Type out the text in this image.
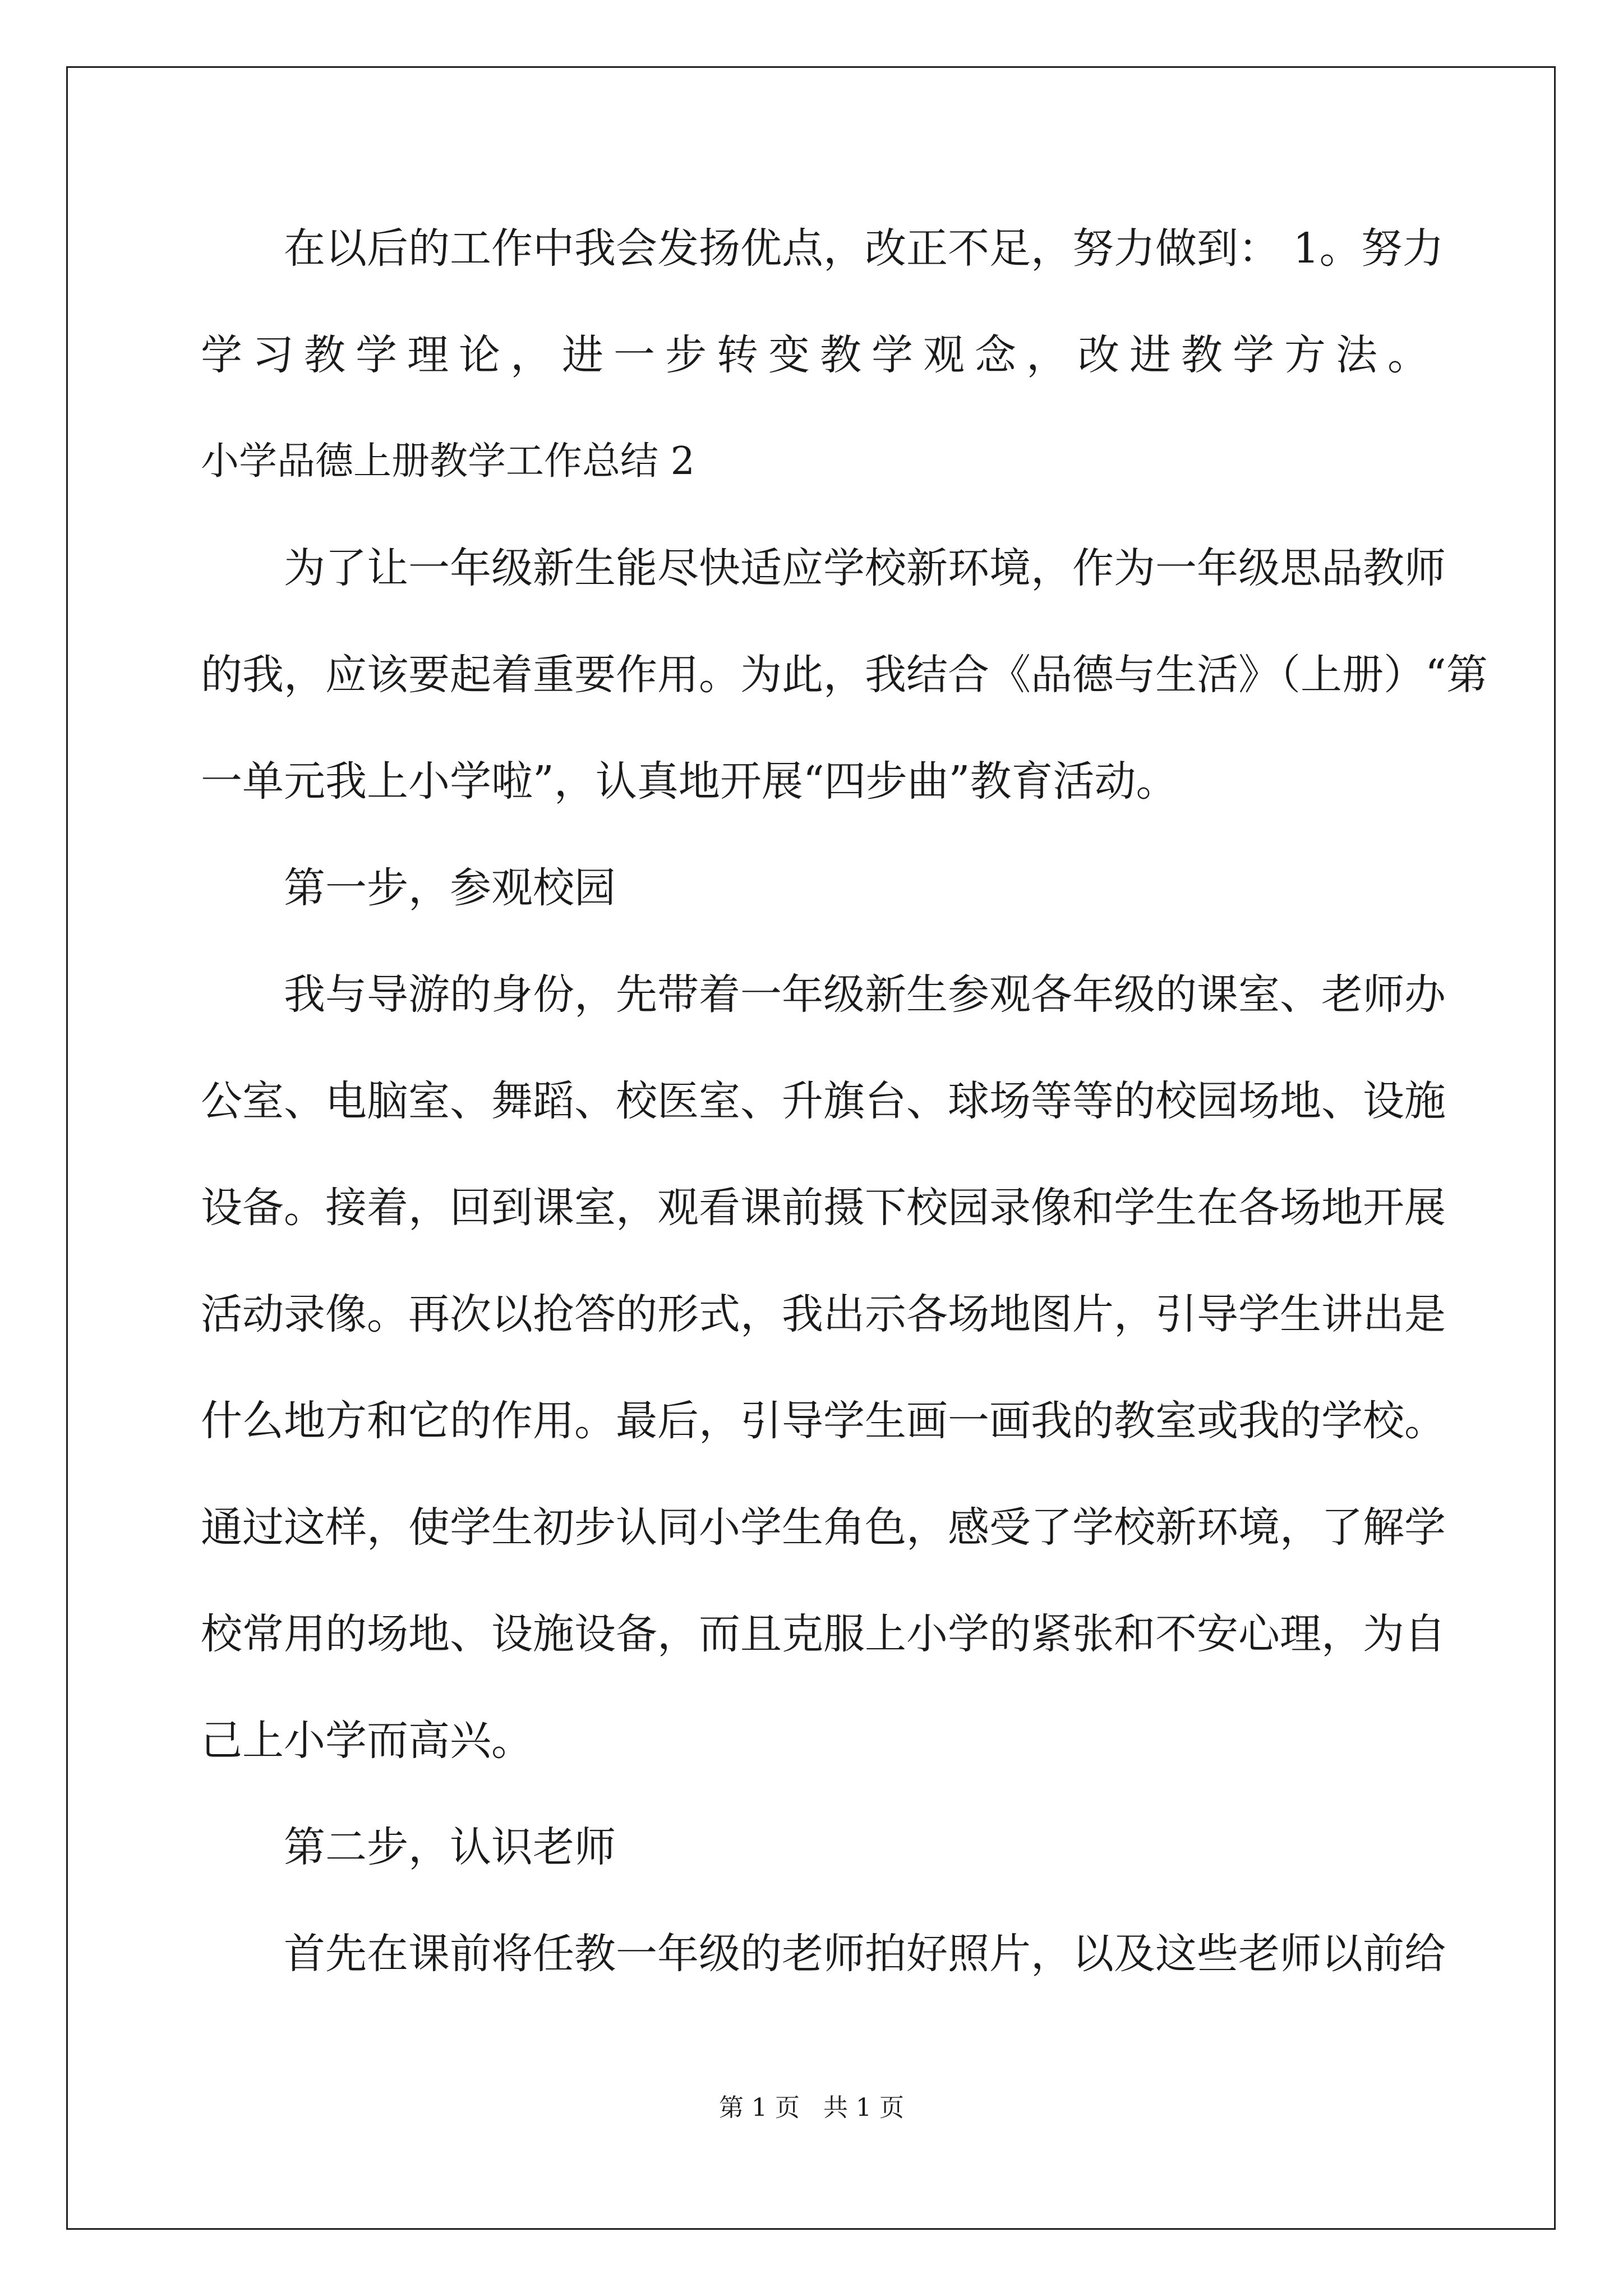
在以后的工作中我会发扬优点，改正不足，努力做到： 1。努力
学习教学理论，进一步转变教学观念，改进教学方法。
小学品德上册教学工作总结 2
为了让一年级新生能尽快适应学校新环境，作为一年级思品教师
的我，应该要起着重要作用。为此，我结合《品德与生活》（上册）“第
一单元我上小学啦”，认真地开展“四步曲”教育活动。
第一步，参观校园
我与导游的身份，先带着一年级新生参观各年级的课室、老师办
公室、电脑室、舞蹈、校医室、升旗台、球场等等的校园场地、设施
设备。接着，回到课室，观看课前摄下校园录像和学生在各场地开展
活动录像。再次以抢答的形式，我出示各场地图片，引导学生讲出是
什么地方和它的作用。最后，引导学生画一画我的教室或我的学校。
通过这样，使学生初步认同小学生角色，感受了学校新环境，了解学
校常用的场地、设施设备，而且克服上小学的紧张和不安心理，为自
己上小学而高兴。
第二步，认识老师
首先在课前将任教一年级的老师拍好照片，以及这些老师以前给
第 1 页   共 1 页
